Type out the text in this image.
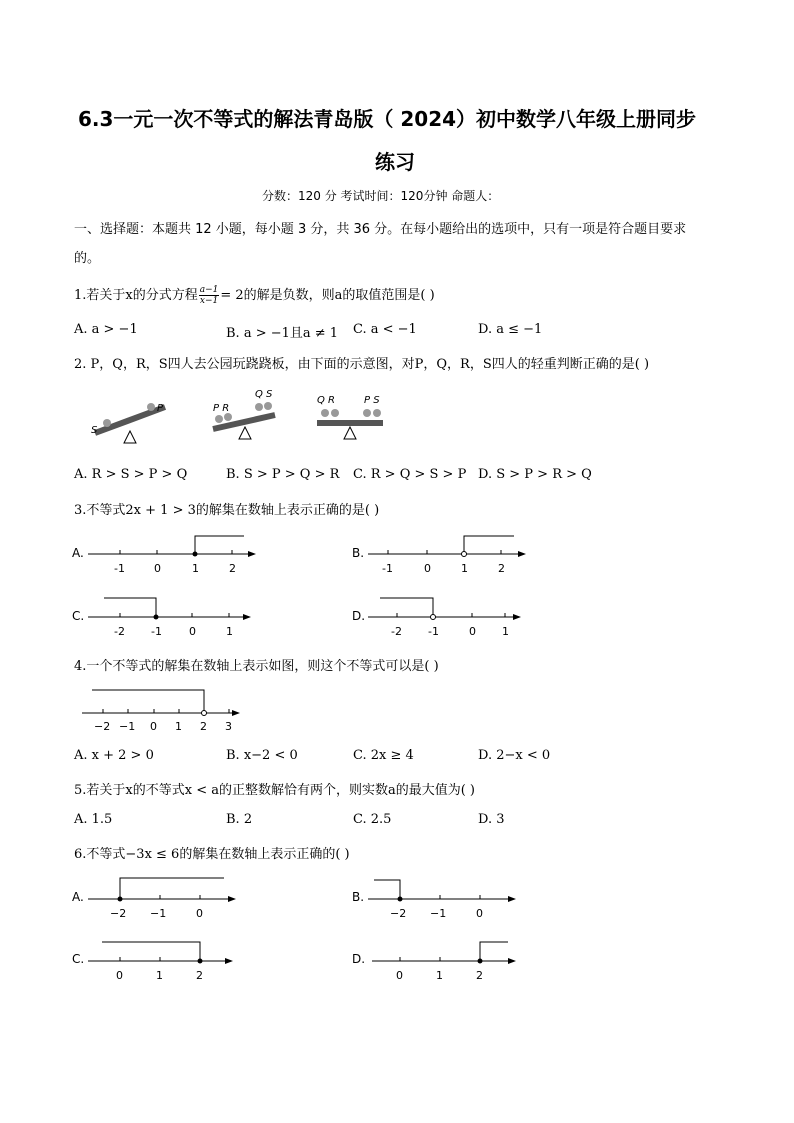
6.3一元一次不等式的解法青岛版（ 2024）初中数学八年级上册同步
练习
分数：120 分 考试时间：120分钟 命题人：
一、选择题：本题共 12 小题，每小题 3 分，共 36 分。在每小题给出的选项中，只有一项是符合题目要求
的。
1.若关于x的分式方程 $\frac{a-1}{x-1} = 2$的解是负数，则a的取值范围是( )
A. a > −1	B. a > −1且a ≠ 1 C. a < −1	D. a ≤ −1
2. P，Q，R，S四人去公园玩跷跷板，由下面的示意图，对P，Q，R，S四人的轻重判断正确的是( )
S
P	P R
Q S
Q R	P S
A. R > S > P > Q	B. S > P > Q > R C. R > Q > S > P D. S > P > R > Q
3.不等式2x + 1 > 3的解集在数轴上表示正确的是( )
A.
-1	0	1	2
B.
-1	0	1	2
C.
-2 -1 0	1
D.
-2 -1	0 1
4.一个不等式的解集在数轴上表示如图，则这个不等式可以是( )
−2 −1 0 1 2 3
A. x + 2 > 0	B. x−2 < 0	C. 2x ≥ 4	D. 2−x < 0
5.若关于x的不等式x < a的正整数解恰有两个，则实数a的最大值为( )
A. 1.5	B. 2	C. 2.5	D. 3
6.不等式−3x ≤ 6的解集在数轴上表示正确的( )
A.
−2 −1	0
B.
−2 −1	0
C.
0	1	2
D.
0	1	2
